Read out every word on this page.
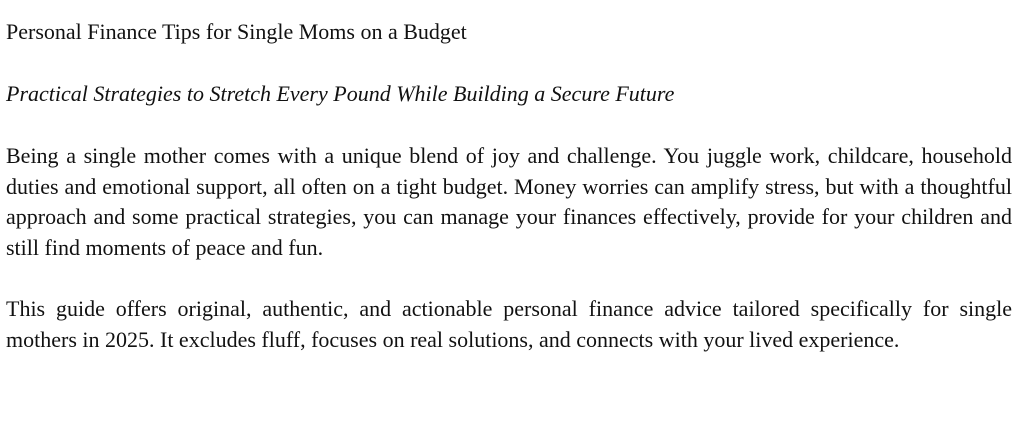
Personal Finance Tips for Single Moms on a Budget
Practical Strategies to Stretch Every Pound While Building a Secure Future

Being a single mother comes with a unique blend of joy and challenge. You juggle work, childcare, household duties and emotional support, all often on a tight budget. Money worries can amplify stress, but with a thoughtful approach and some practical strategies, you can manage your finances effectively, provide for your children and still find moments of peace and fun.

This guide offers original, authentic, and actionable personal finance advice tailored specifically for single mothers in 2025. It excludes fluff, focuses on real solutions, and connects with your lived experience.
